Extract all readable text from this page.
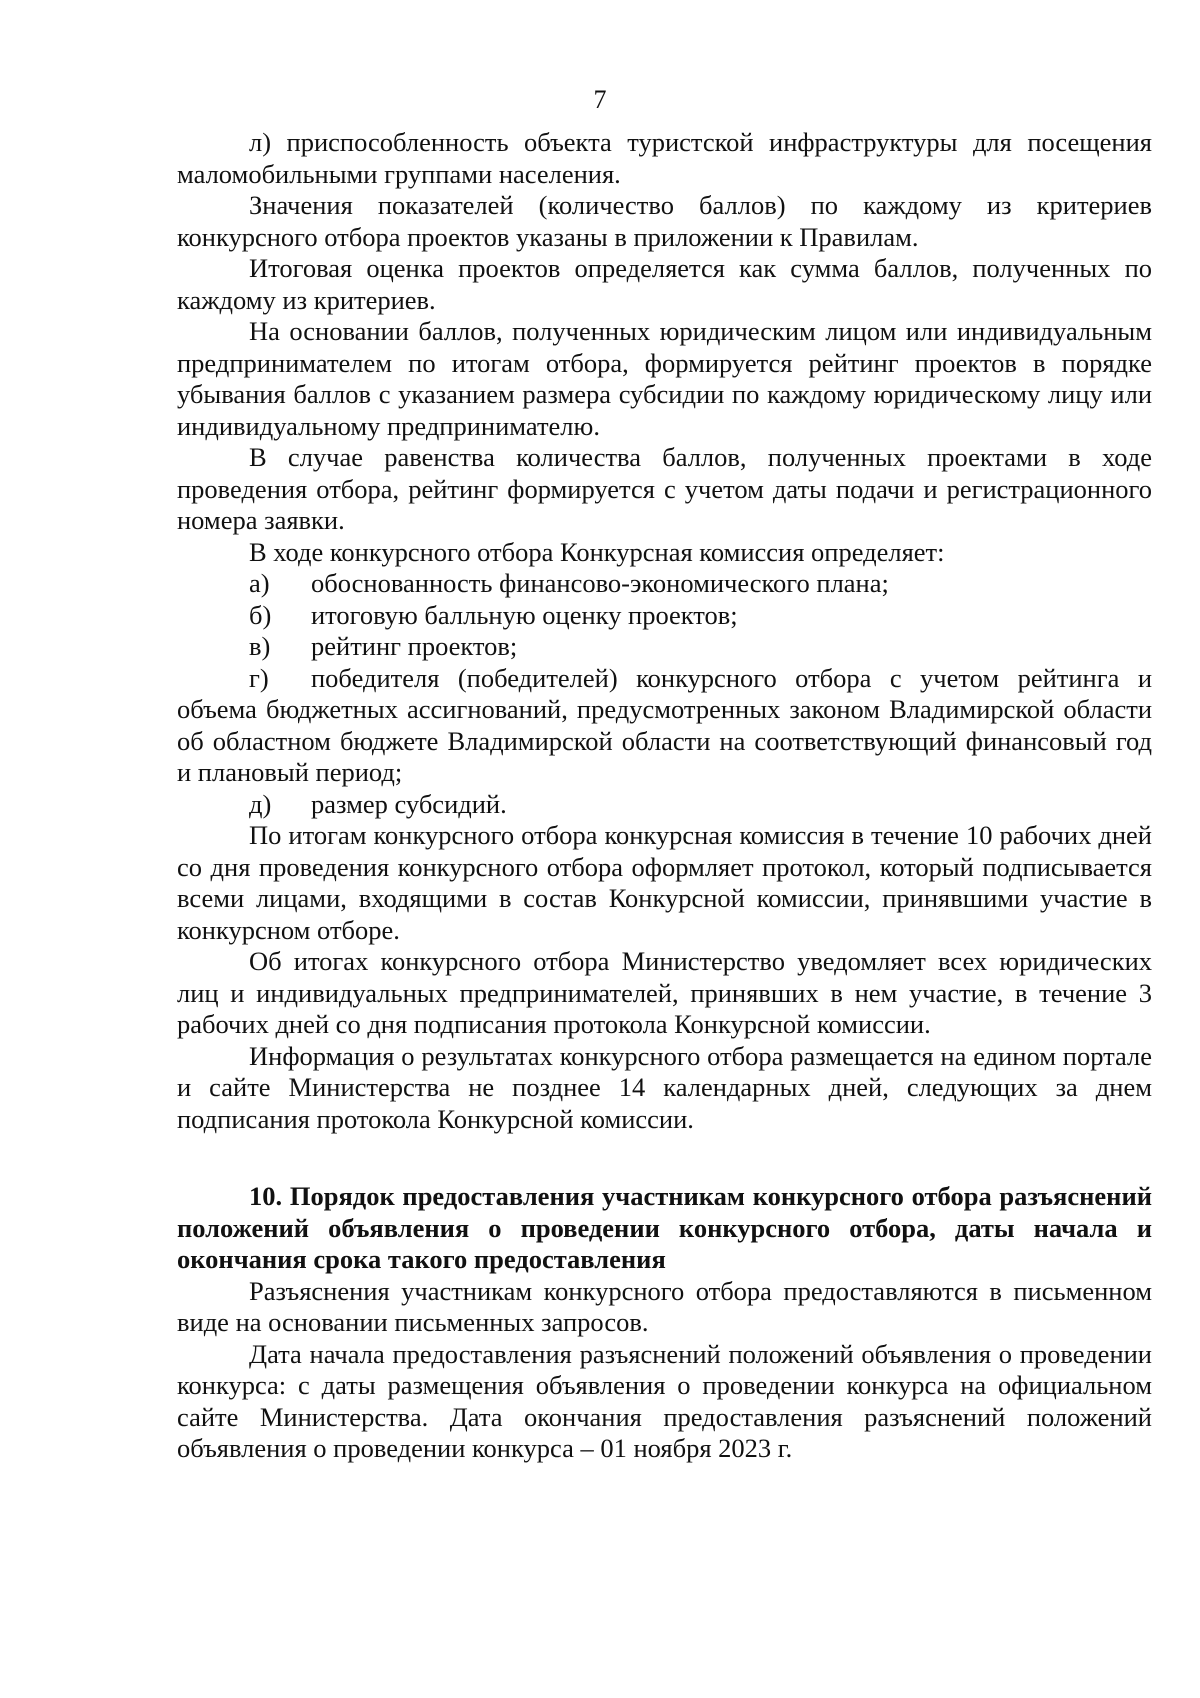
7

л) приспособленность объекта туристской инфраструктуры для посещения маломобильными группами населения.

Значения показателей (количество баллов) по каждому из критериев конкурсного отбора проектов указаны в приложении к Правилам.

Итоговая оценка проектов определяется как сумма баллов, полученных по каждому из критериев.

На основании баллов, полученных юридическим лицом или индивидуальным предпринимателем по итогам отбора, формируется рейтинг проектов в порядке убывания баллов с указанием размера субсидии по каждому юридическому лицу или индивидуальному предпринимателю.

В случае равенства количества баллов, полученных проектами в ходе проведения отбора, рейтинг формируется с учетом даты подачи и регистрационного номера заявки.

В ходе конкурсного отбора Конкурсная комиссия определяет:

а) обоснованность финансово-экономического плана;

б) итоговую балльную оценку проектов;

в) рейтинг проектов;

г) победителя (победителей) конкурсного отбора с учетом рейтинга и объема бюджетных ассигнований, предусмотренных законом Владимирской области об областном бюджете Владимирской области на соответствующий финансовый год и плановый период;

д) размер субсидий.

По итогам конкурсного отбора конкурсная комиссия в течение 10 рабочих дней со дня проведения конкурсного отбора оформляет протокол, который подписывается всеми лицами, входящими в состав Конкурсной комиссии, принявшими участие в конкурсном отборе.

Об итогах конкурсного отбора Министерство уведомляет всех юридических лиц и индивидуальных предпринимателей, принявших в нем участие, в течение 3 рабочих дней со дня подписания протокола Конкурсной комиссии.

Информация о результатах конкурсного отбора размещается на едином портале и сайте Министерства не позднее 14 календарных дней, следующих за днем подписания протокола Конкурсной комиссии.

10. Порядок предоставления участникам конкурсного отбора разъяснений положений объявления о проведении конкурсного отбора, даты начала и окончания срока такого предоставления

Разъяснения участникам конкурсного отбора предоставляются в письменном виде на основании письменных запросов.

Дата начала предоставления разъяснений положений объявления о проведении конкурса: с даты размещения объявления о проведении конкурса на официальном сайте Министерства. Дата окончания предоставления разъяснений положений объявления о проведении конкурса – 01 ноября 2023 г.
